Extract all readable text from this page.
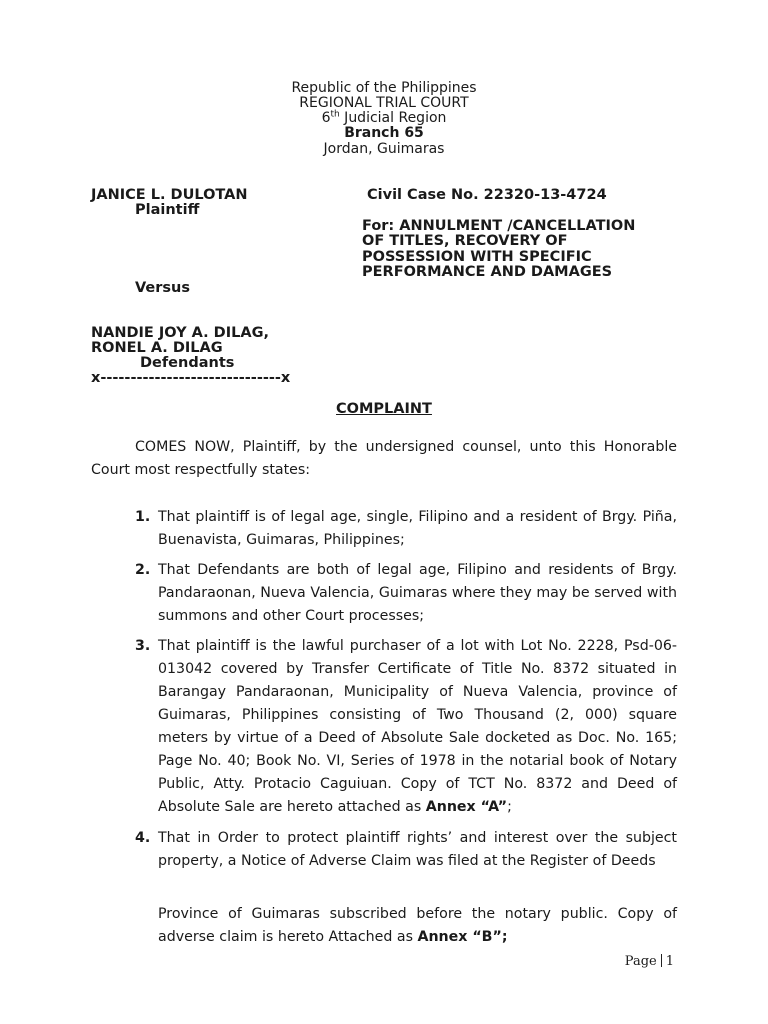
Republic of the Philippines
REGIONAL TRIAL COURT
6th Judicial Region
Branch 65
Jordan, Guimaras
JANICE L. DULOTAN
Plaintiff
Versus
NANDIE JOY A. DILAG,
RONEL A. DILAG
Defendants
x------------------------------x
Civil Case No. 22320-13-4724
For: ANNULMENT /CANCELLATION
OF TITLES, RECOVERY OF
POSSESSION WITH SPECIFIC
PERFORMANCE AND DAMAGES
COMPLAINT
COMES NOW, Plaintiff, by the undersigned counsel, unto this Honorable Court most respectfully states:
1. That plaintiff is of legal age, single, Filipino and a resident of Brgy. Piña, Buenavista, Guimaras, Philippines;
2. That Defendants are both of legal age, Filipino and residents of Brgy. Pandaraonan, Nueva Valencia, Guimaras where they may be served with summons and other Court processes;
3. That plaintiff is the lawful purchaser of a lot with Lot No. 2228, Psd-06-013042 covered by Transfer Certificate of Title No. 8372 situated in Barangay Pandaraonan, Municipality of Nueva Valencia, province of Guimaras, Philippines consisting of Two Thousand (2, 000) square meters by virtue of a Deed of Absolute Sale docketed as Doc. No. 165; Page No. 40; Book No. VI, Series of 1978 in the notarial book of Notary Public, Atty. Protacio Caguiuan. Copy of TCT No. 8372 and Deed of Absolute Sale are hereto attached as Annex “A”;
4. That in Order to protect plaintiff rights’ and interest over the subject property, a Notice of Adverse Claim was filed at the Register of Deeds
Province of Guimaras subscribed before the notary public. Copy of adverse claim is hereto Attached as Annex “B”;
Page 1
